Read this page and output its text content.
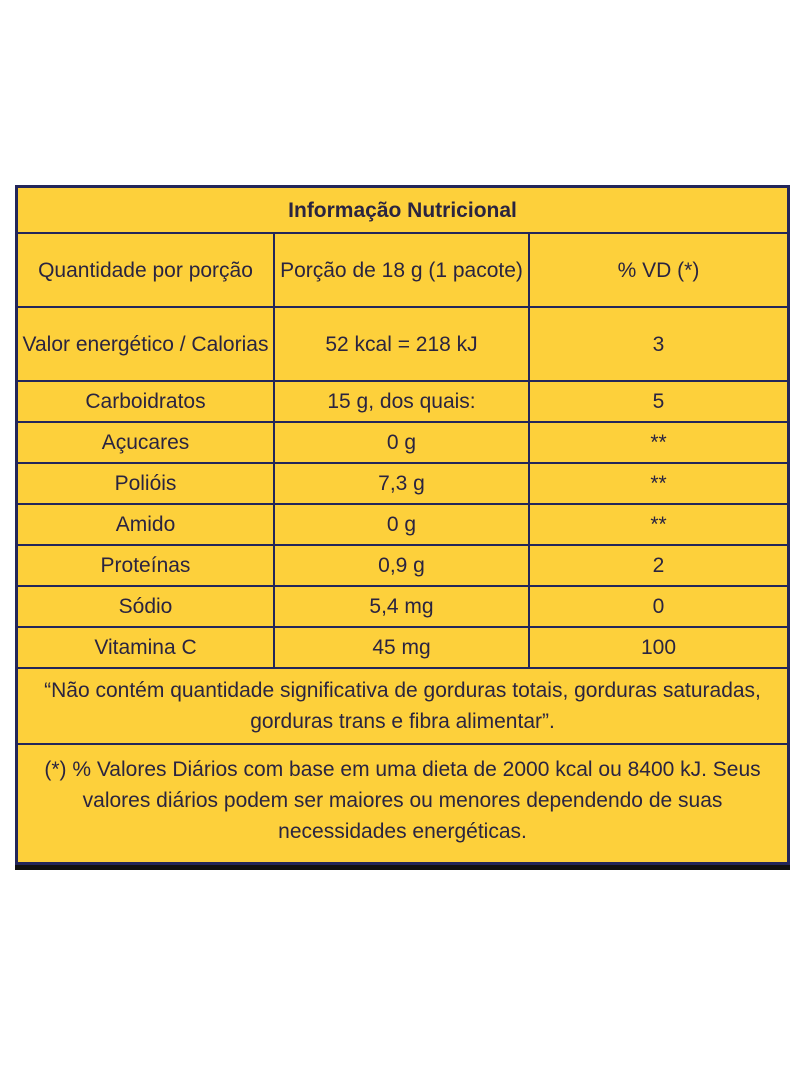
Informação Nutricional		
Quantidade por porção	Porção de 18 g (1 pacote)	% VD (*)
Valor energético / Calorias	52 kcal = 218 kJ	3
Carboidratos	15 g, dos quais:	5
Açucares	0 g	**
Polióis	7,3 g	**
Amido	0 g	**
Proteínas	0,9 g	2
Sódio	5,4 mg	0
Vitamina C	45 mg	100
“Não contém quantidade significativa de gorduras totais, gorduras saturadas, gorduras trans e fibra alimentar”.		
(*) % Valores Diários com base em uma dieta de 2000 kcal ou 8400 kJ. Seus valores diários podem ser maiores ou menores dependendo de suas necessidades energéticas.		
